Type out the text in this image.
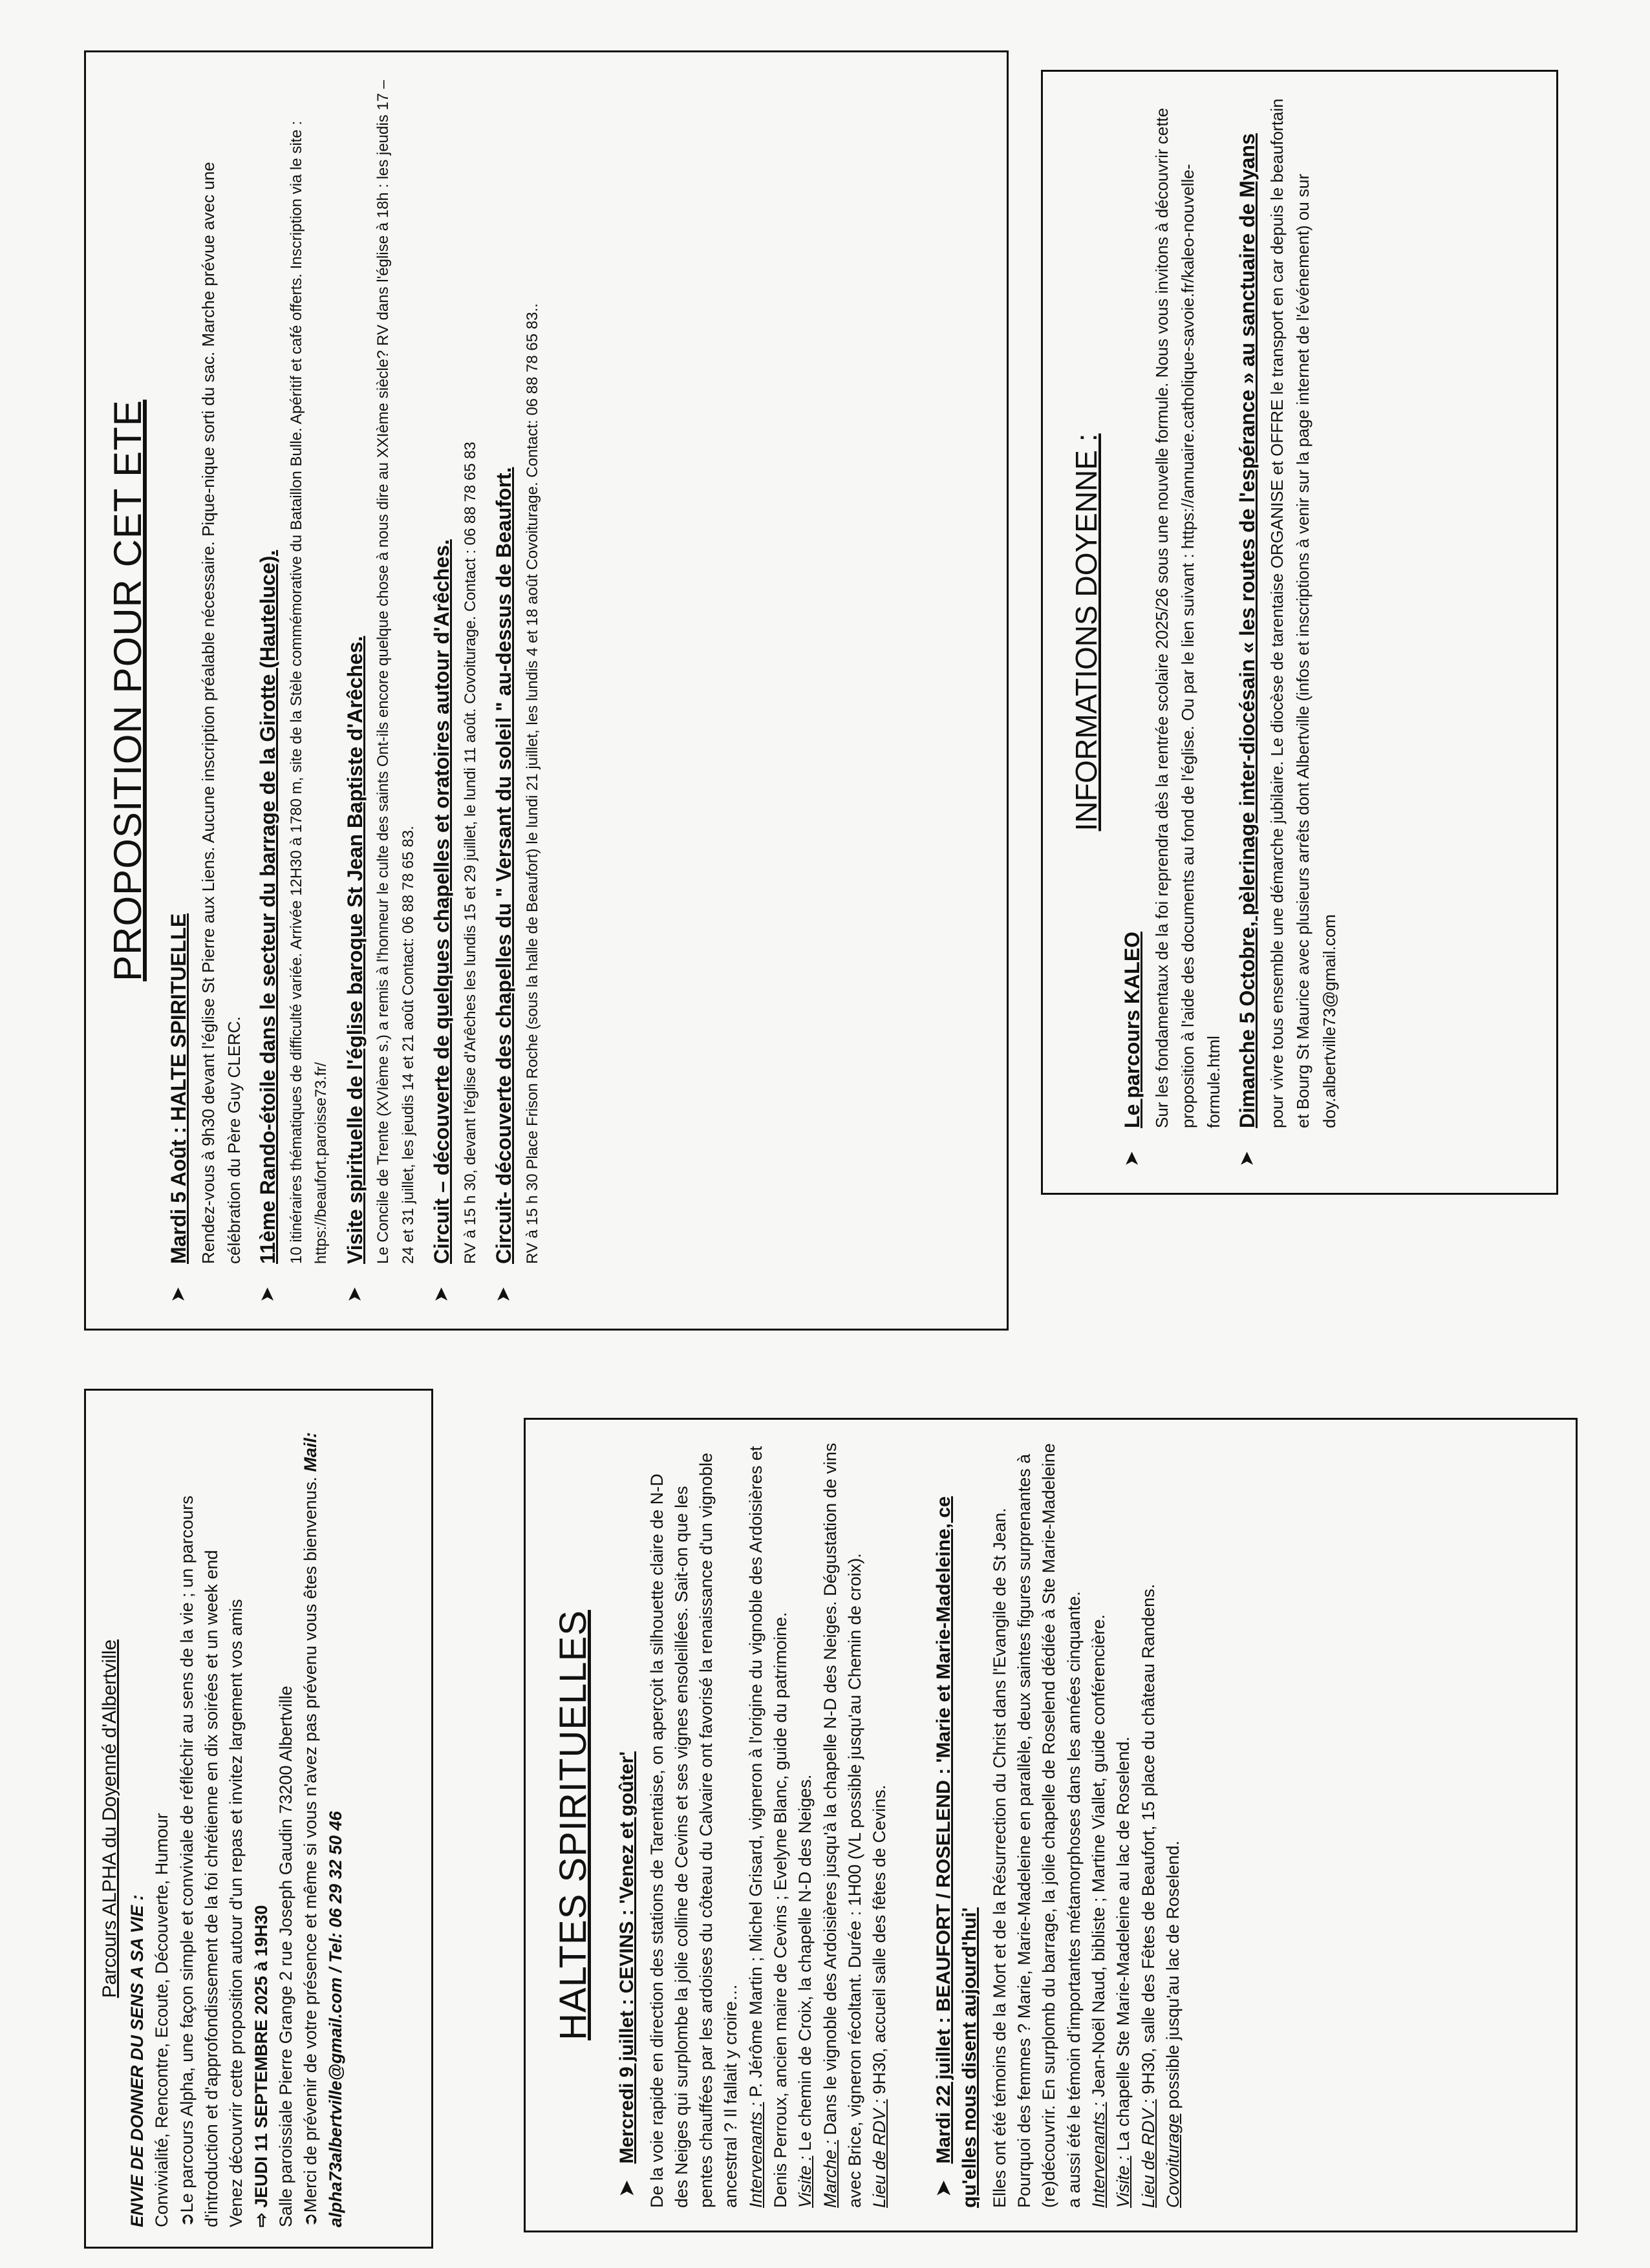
Parcours ALPHA du Doyenné d'Albertville

ENVIE DE DONNER DU SENS A SA VIE : Convivialité, Rencontre, Ecoute, Découverte, Humour ➲Le parcours Alpha, une façon simple et conviviale de réfléchir au sens de la vie ; un parcours d'introduction et d'approfondissement de la foi chrétienne en dix soirées et un week end Venez découvrir cette proposition autour d'un repas et invitez largement vos amis ⇨ JEUDI 11 SEPTEMBRE 2025 à 19H30 Salle paroissiale Pierre Grange 2 rue Joseph Gaudin 73200 Albertville ➲Merci de prévenir de votre présence et même si vous n'avez pas prévenu vous êtes bienvenus. Mail: alpha73albertville@gmail.com / Tel: 06 29 32 50 46	HALTES SPIRITUELLES

➤ Mercredi 9 juillet : CEVINS : 'Venez et goûter' De la voie rapide en direction des stations de Tarentaise, on aperçoit la silhouette claire de N-D des Neiges qui surplombe la jolie colline de Cevins et ses vignes ensoleillées. Sait-on que les pentes chauffées par les ardoises du côteau du Calvaire ont favorisé la renaissance d'un vignoble ancestral ? Il fallait y croire… Intervenants : P. Jérôme Martin ; Michel Grisard, vigneron à l'origine du vignoble des Ardoisières et Denis Perroux, ancien maire de Cevins ; Evelyne Blanc, guide du patrimoine. Visite : Le chemin de Croix, la chapelle N-D des Neiges.

Marche : Dans le vignoble des Ardoisières jusqu'à la chapelle N-D des Neiges. Dégustation de vins avec Brice, vigneron récoltant. Durée : 1H00 (VL possible jusqu'au Chemin de croix). Lieu de RDV : 9H30, accueil salle des fêtes de Cevins.

➤ Mardi 22 juillet : BEAUFORT / ROSELEND : 'Marie et Marie-Madeleine, ce qu'elles nous disent aujourd'hui' Elles ont été témoins de la Mort et de la Résurrection du Christ dans l'Evangile de St Jean. Pourquoi des femmes ? Marie, Marie-Madeleine en parallèle, deux saintes figures surprenantes à (re)découvrir. En surplomb du barrage, la jolie chapelle de Roselend dédiée à Ste Marie-Madeleine a aussi été le témoin d'importantes métamorphoses dans les années cinquante. Intervenants : Jean-Noël Naud, bibliste ; Martine Viallet, guide conférencière.

Visite : La chapelle Ste Marie-Madeleine au lac de Roselend. Lieu de RDV : 9H30, salle des Fêtes de Beaufort, 15 place du château Randens.

Covoiturage possible jusqu'au lac de Roselend.

PROPOSITION POUR CET ETE

➤

Mardi 5 Août : HALTE SPIRITUELLE Rendez-vous à 9h30 devant l'église St Pierre aux Liens. Aucune inscription préalable nécessaire. Pique-nique sorti du sac. Marche prévue avec une célébration du Père Guy CLERC.

➤

11ème Rando-étoile dans le secteur du barrage de la Girotte (Hauteluce). 10 itinéraires thématiques de difficulté variée. Arrivée 12H30 à 1780 m, site de la Stèle commémorative du Bataillon Bulle. Apéritif et café offerts. Inscription via le site : https://beaufort.paroisse73.fr/

➤

Visite spirituelle de l'église baroque St Jean Baptiste d'Arêches. Le Concile de Trente (XVIème s.) a remis à l'honneur le culte des saints Ont-ils encore quelque chose à nous dire au XXIème siècle? RV dans l'église à 18h : les jeudis 17 – 24 et 31 juillet, les jeudis 14 et 21 août Contact: 06 88 78 65 83.

➤

Circuit – découverte de quelques chapelles et oratoires autour d'Arêches. RV à 15 h 30, devant l'église d'Arêches les lundis 15 et 29 juillet, le lundi 11 août. Covoiturage. Contact : 06 88 78 65 83

➤

Circuit- découverte des chapelles du " Versant du soleil " au-dessus de Beaufort. RV à 15 h 30 Place Frison Roche (sous la halle de Beaufort) le lundi 21 juillet, les lundis 4 et 18 août Covoiturage. Contact: 06 88 78 65 83..	INFORMATIONS DOYENNE :

➤

Le parcours KALEO Sur les fondamentaux de la foi reprendra dès la rentrée scolaire 2025/26 sous une nouvelle formule. Nous vous invitons à découvrir cette proposition à l'aide des documents au fond de l'église. Ou par le lien suivant : https://annuaire.catholique-savoie.fr/kaleo-nouvelle-formule.html

➤

Dimanche 5 Octobre, pèlerinage inter-diocésain « les routes de l'espérance » au sanctuaire de Myans pour vivre tous ensemble une démarche jubilaire. Le diocèse de tarentaise ORGANISE et OFFRE le transport en car depuis le beaufortain et Bourg St Maurice avec plusieurs arrêts dont Albertville (infos et inscriptions à venir sur la page internet de l'événement) ou sur doy.albertville73@gmail.com
